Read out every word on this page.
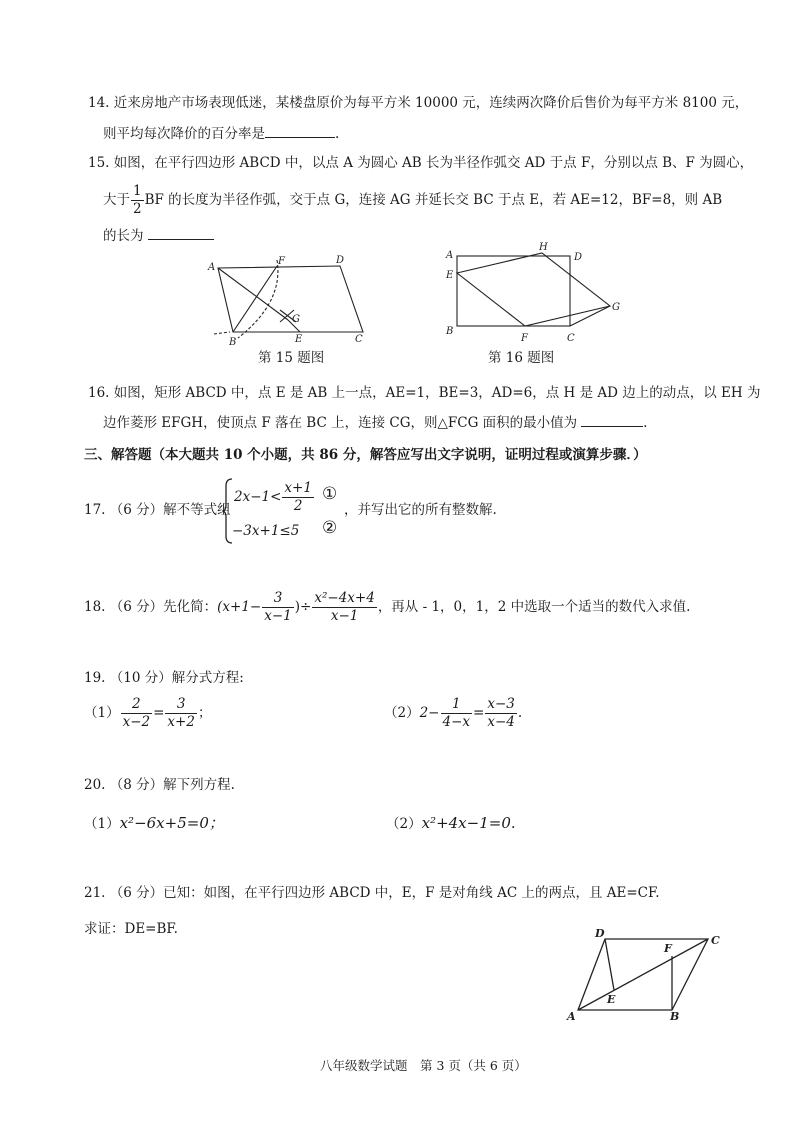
14. 近来房地产市场表现低迷，某楼盘原价为每平方米 10000 元，连续两次降价后售价为每平方米 8100 元，
则平均每次降价的百分率是	.
15. 如图，在平行四边形 ABCD 中，以点 A 为圆心 AB 长为半径作弧交 AD 于点 F，分别以点 B、F 为圆心，
大于 $\frac{1}{2}$ BF 的长度为半径作弧，交于点 G，连接 AG 并延长交 BC 于点 E，若 AE=12，BF=8，则 AB
的长为
A
B	C
D
E
F
G
第 15 题图
A
B
C
D
E
F
G
H
第 16 题图
16. 如图，矩形 ABCD 中，点 E 是 AB 上一点，AE=1，BE=3，AD=6，点 H 是 AD 边上的动点，以 EH 为
边作菱形 EFGH，使顶点 F 落在 BC 上，连接 CG，则△FCG 面积的最小值为	.
三、解答题（本大题共 10 个小题，共 86 分，解答应写出文字说明，证明过程或演算步骤．）
17. （6 分）解不等式组
$2x-1< \frac{x+1}{2}$ ①
−3x+1≤5 ②
，并写出它的所有整数解.
18. （6 分）先化简：($x+1- \frac{3}{x-1}$ )÷ $\frac{\text{x²−4x+4}}{x-1}$ ，再从 - 1，0，1，2 中选取一个适当的数代入求值.
19. （10 分）解分式方程:
$(1) \frac{2}{x-2} = \frac{3}{x+2}$ ；	$(2)2- \frac{1}{4-x} = \frac{x-3}{x-4}$ .
20. （8 分）解下列方程.
（1）x²−6x+5=0；	（2）x²+4x−1=0.
21. （6 分）已知：如图，在平行四边形 ABCD 中，E，F 是对角线 AC 上的两点，且 AE=CF.
求证：DE=BF.
A	B
C
D
E
F
八年级数学试题　第 3 页（共 6 页）
